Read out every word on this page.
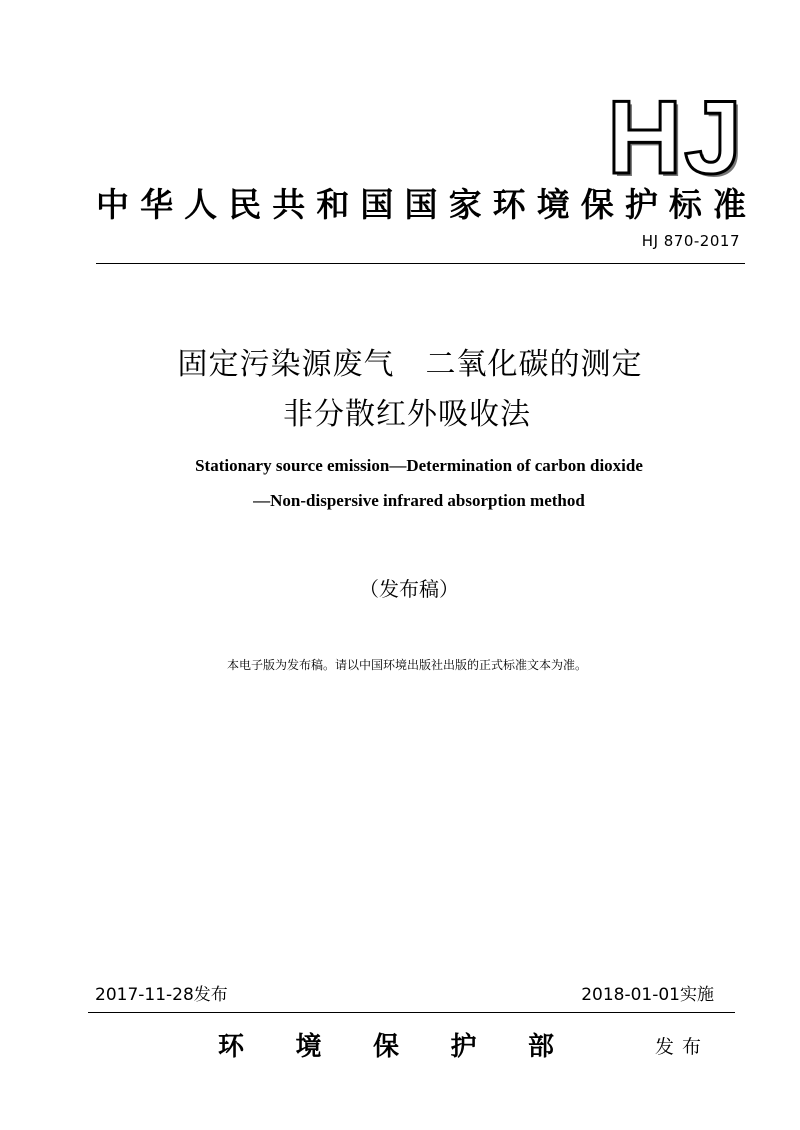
HJ
中华人民共和国国家环境保护标准
HJ 870-2017
固定污染源废气　二氧化碳的测定
非分散红外吸收法
Stationary source emission—Determination of carbon dioxide
—Non-dispersive infrared absorption method
（发布稿）
本电子版为发布稿。请以中国环境出版社出版的正式标准文本为准。
2017-11-28发布	2018-01-01实施
环境保护部	发布
